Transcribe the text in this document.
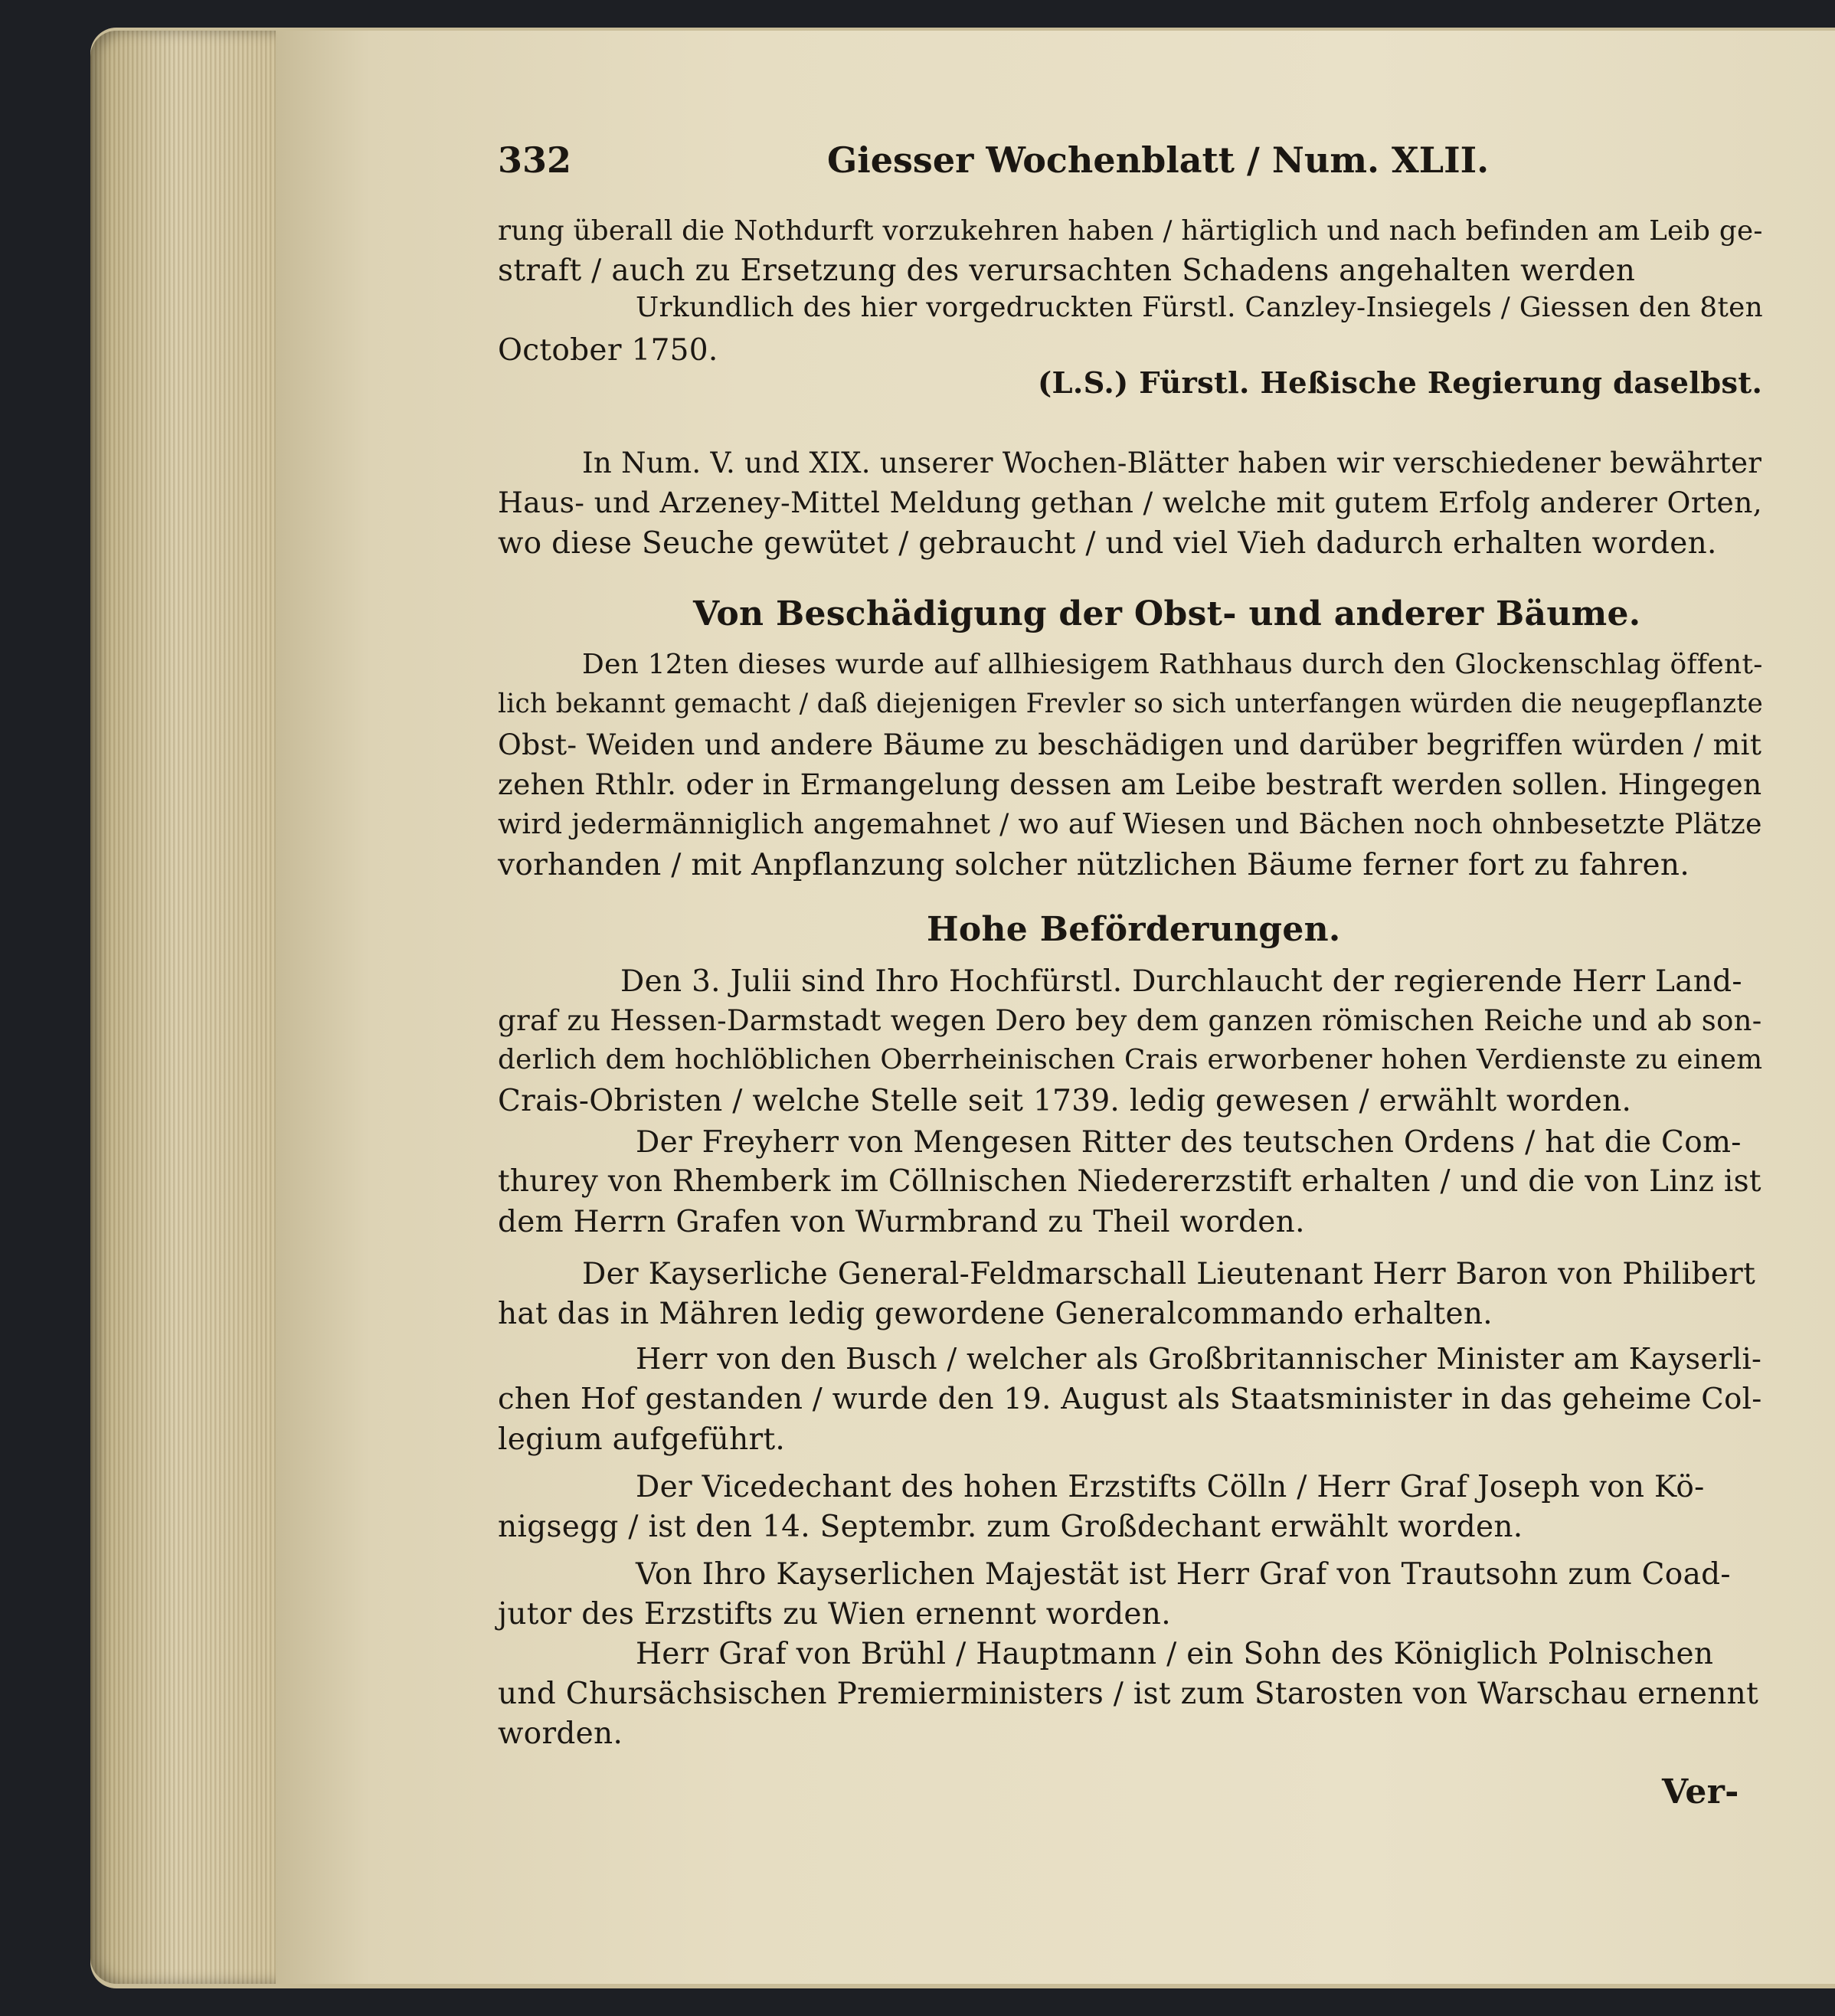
332	Giesser Wochenblatt / Num. XLII.
rung überall die Nothdurft vorzukehren haben / härtiglich und nach befinden am Leib ge-
straft / auch zu Ersetzung des verursachten Schadens angehalten werden
Urkundlich des hier vorgedruckten Fürstl. Canzley-Insiegels / Giessen den 8ten
October 1750.
(L.S.) Fürstl. Heßische Regierung daselbst.
In Num. V. und XIX. unserer Wochen-Blätter haben wir verschiedener bewährter
Haus- und Arzeney-Mittel Meldung gethan / welche mit gutem Erfolg anderer Orten,
wo diese Seuche gewütet / gebraucht / und viel Vieh dadurch erhalten worden.
Von Beschädigung der Obst- und anderer Bäume.
Den 12ten dieses wurde auf allhiesigem Rathhaus durch den Glockenschlag öffent-
lich bekannt gemacht / daß diejenigen Frevler so sich unterfangen würden die neugepflanzte
Obst- Weiden und andere Bäume zu beschädigen und darüber begriffen würden / mit
zehen Rthlr. oder in Ermangelung dessen am Leibe bestraft werden sollen. Hingegen
wird jedermänniglich angemahnet / wo auf Wiesen und Bächen noch ohnbesetzte Plätze
vorhanden / mit Anpflanzung solcher nützlichen Bäume ferner fort zu fahren.
Hohe Beförderungen.
Den 3. Julii sind Ihro Hochfürstl. Durchlaucht der regierende Herr Land-
graf zu Hessen-Darmstadt wegen Dero bey dem ganzen römischen Reiche und ab son-
derlich dem hochlöblichen Oberrheinischen Crais erworbener hohen Verdienste zu einem
Crais-Obristen / welche Stelle seit 1739. ledig gewesen / erwählt worden.
Der Freyherr von Mengesen Ritter des teutschen Ordens / hat die Com-
thurey von Rhemberk im Cöllnischen Niedererzstift erhalten / und die von Linz ist
dem Herrn Grafen von Wurmbrand zu Theil worden.
Der Kayserliche General-Feldmarschall Lieutenant Herr Baron von Philibert
hat das in Mähren ledig gewordene Generalcommando erhalten.
Herr von den Busch / welcher als Großbritannischer Minister am Kayserli-
chen Hof gestanden / wurde den 19. August als Staatsminister in das geheime Col-
legium aufgeführt.
Der Vicedechant des hohen Erzstifts Cölln / Herr Graf Joseph von Kö-
nigsegg / ist den 14. Septembr. zum Großdechant erwählt worden.
Von Ihro Kayserlichen Majestät ist Herr Graf von Trautsohn zum Coad-
jutor des Erzstifts zu Wien ernennt worden.
Herr Graf von Brühl / Hauptmann / ein Sohn des Königlich Polnischen
und Chursächsischen Premierministers / ist zum Starosten von Warschau ernennt
worden.
Ver-
